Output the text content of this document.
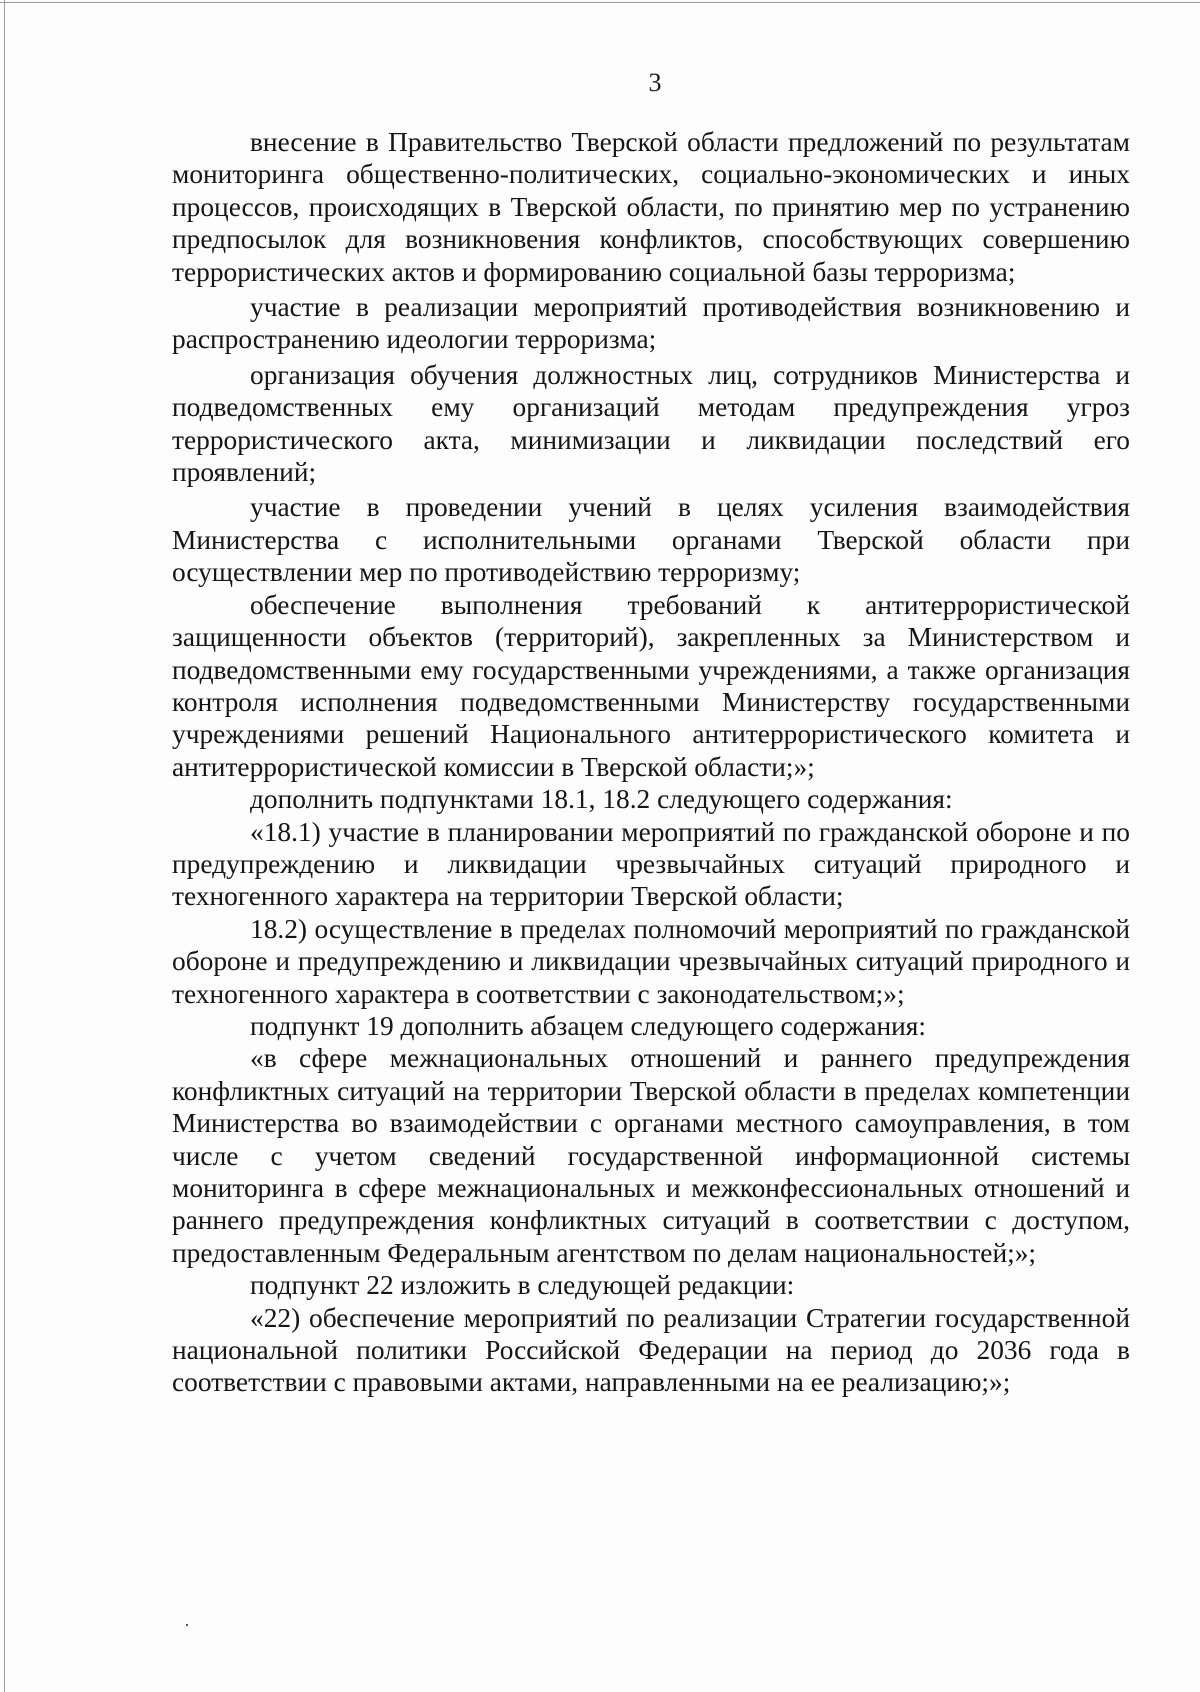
3

внесение в Правительство Тверской области предложений по результатам мониторинга общественно-политических, социально-экономических и иных процессов, происходящих в Тверской области, по принятию мер по устранению предпосылок для возникновения конфликтов, способствующих совершению террористических актов и формированию социальной базы терроризма;

участие в реализации мероприятий противодействия возникновению и распространению идеологии терроризма;

организация обучения должностных лиц, сотрудников Министерства и подведомственных ему организаций методам предупреждения угроз террористического акта, минимизации и ликвидации последствий его проявлений;

участие в проведении учений в целях усиления взаимодействия Министерства с исполнительными органами Тверской области при осуществлении мер по противодействию терроризму;

обеспечение выполнения требований к антитеррористической защищенности объектов (территорий), закрепленных за Министерством и подведомственными ему государственными учреждениями, а также организация контроля исполнения подведомственными Министерству государственными учреждениями решений Национального антитеррористического комитета и антитеррористической комиссии в Тверской области;»;

дополнить подпунктами 18.1, 18.2 следующего содержания:

«18.1) участие в планировании мероприятий по гражданской обороне и по предупреждению и ликвидации чрезвычайных ситуаций природного и техногенного характера на территории Тверской области;

18.2) осуществление в пределах полномочий мероприятий по гражданской обороне и предупреждению и ликвидации чрезвычайных ситуаций природного и техногенного характера в соответствии с законодательством;»;

подпункт 19 дополнить абзацем следующего содержания:

«в сфере межнациональных отношений и раннего предупреждения конфликтных ситуаций на территории Тверской области в пределах компетенции Министерства во взаимодействии с органами местного самоуправления, в том числе с учетом сведений государственной информационной системы мониторинга в сфере межнациональных и межконфессиональных отношений и раннего предупреждения конфликтных ситуаций в соответствии с доступом, предоставленным Федеральным агентством по делам национальностей;»;

подпункт 22 изложить в следующей редакции:

«22) обеспечение мероприятий по реализации Стратегии государственной национальной политики Российской Федерации на период до 2036 года в соответствии с правовыми актами, направленными на ее реализацию;»;
